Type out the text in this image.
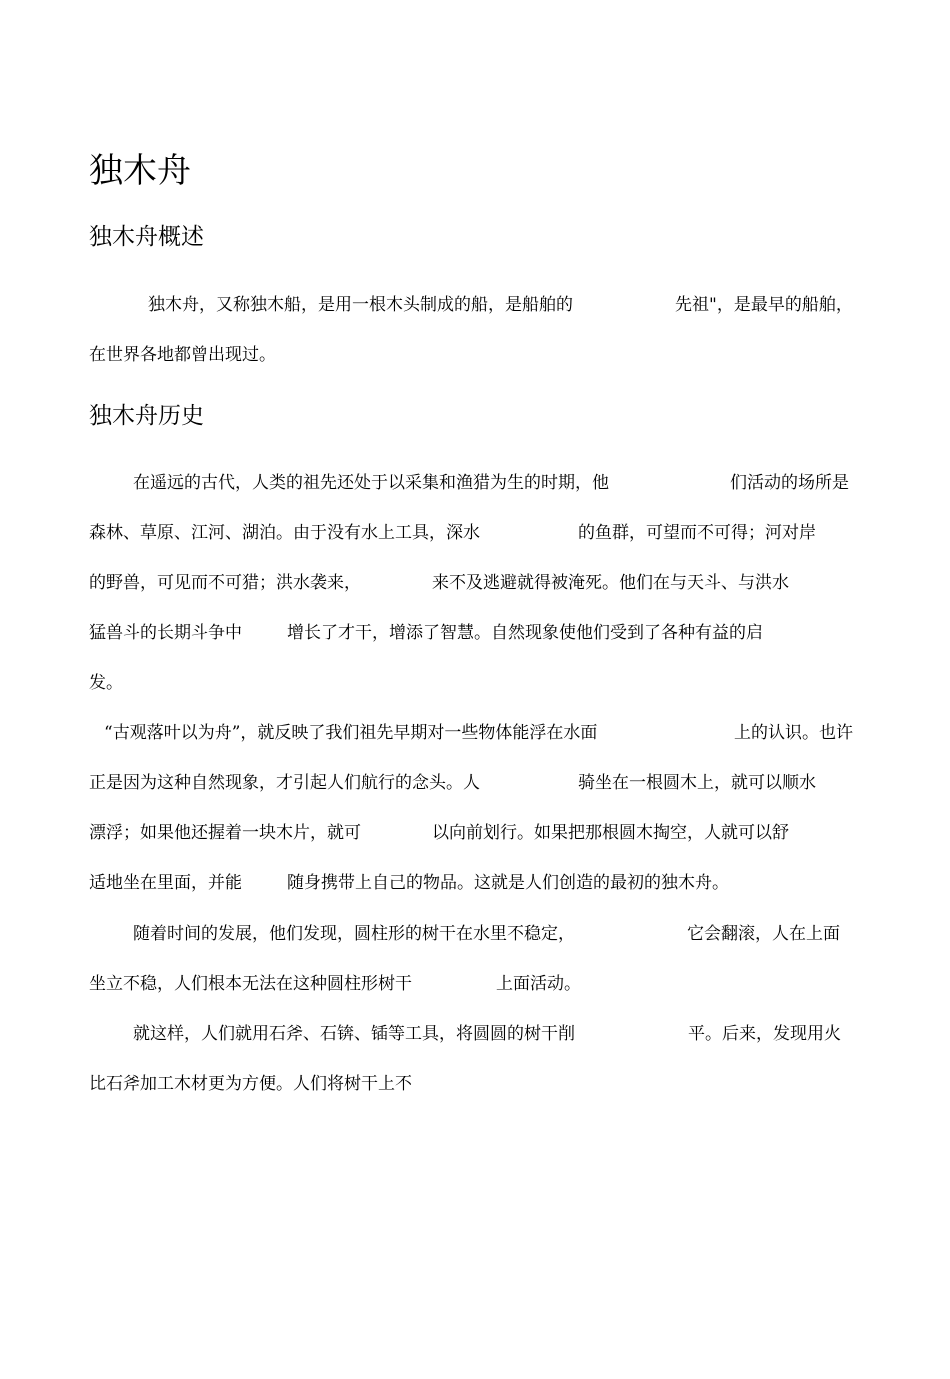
独木舟
独木舟概述
独木舟，又称独木船，是用一根木头制成的船，是船舶的	先祖"，是最早的船舶，
在世界各地都曾出现过。
独木舟历史
在遥远的古代，人类的祖先还处于以采集和渔猎为生的时期，他	们活动的场所是
森林、草原、江河、湖泊。由于没有水上工具，深水	的鱼群，可望而不可得；河对岸
的野兽，可见而不可猎；洪水袭来，	来不及逃避就得被淹死。他们在与天斗、与洪水
猛兽斗的长期斗争中	增长了才干，增添了智慧。自然现象使他们受到了各种有益的启
发。
“古观落叶以为舟”，就反映了我们祖先早期对一些物体能浮在水面	上的认识。也许
正是因为这种自然现象，才引起人们航行的念头。人	骑坐在一根圆木上，就可以顺水
漂浮；如果他还握着一块木片，就可	以向前划行。如果把那根圆木掏空，人就可以舒
适地坐在里面，并能	随身携带上自己的物品。这就是人们创造的最初的独木舟。
随着时间的发展，他们发现，圆柱形的树干在水里不稳定，	它会翻滚，人在上面
坐立不稳，人们根本无法在这种圆柱形树干	上面活动。
就这样，人们就用石斧、石锛、锸等工具，将圆圆的树干削	平。后来，发现用火
比石斧加工木材更为方便。人们将树干上不
